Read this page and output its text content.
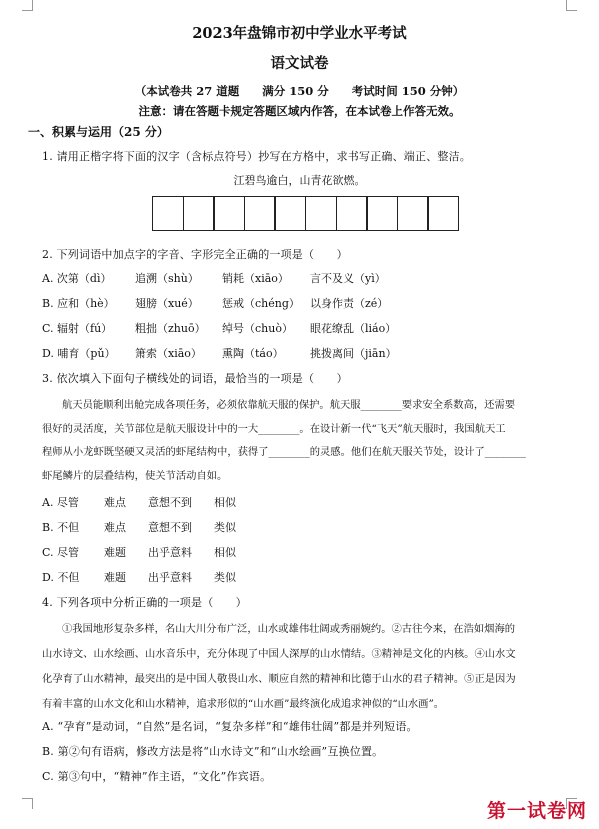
2023年盘锦市初中学业水平考试
语文试卷
（本试卷共 27 道题　　满分 150 分　　考试时间 150 分钟）
注意：请在答题卡规定答题区域内作答，在本试卷上作答无效。
一、积累与运用（25 分）
1. 请用正楷字将下面的汉字（含标点符号）抄写在方格中，求书写正确、端正、整洁。
江碧鸟逾白，山青花欲燃。
2. 下列词语中加点字的字音、字形完全正确的一项是（　　）
A. 次第（dì） 追溯（shù） 销耗（xiāo） 言不及义（yì）
B. 应和（hè） 翅膀（xué） 惩戒（chéng） 以身作责（zé）
C. 辐射（fú） 粗拙（zhuō） 绰号（chuò） 眼花缭乱（liáo）
D. 哺育（pǔ） 箫索（xiāo） 熏陶（táo） 挑拨离间（jiān）
3. 依次填入下面句子横线处的词语，最恰当的一项是（　　）
航天员能顺利出舱完成各项任务，必须依靠航天服的保护。航天服________要求安全系数高，还需要
很好的灵活度，关节部位是航天服设计中的一大________。在设计新一代“飞天”航天服时，我国航天工
程师从小龙虾既坚硬又灵活的虾尾结构中，获得了________的灵感。他们在航天服关节处，设计了________
虾尾鳞片的层叠结构，使关节活动自如。
A. 尽管 难点 意想不到 相似
B. 不但 难点 意想不到 类似
C. 尽管 难题 出乎意料 相似
D. 不但 难题 出乎意料 类似
4. 下列各项中分析正确的一项是（　　）
①我国地形复杂多样，名山大川分布广泛，山水或雄伟壮阔或秀丽婉约。②古往今来，在浩如烟海的
山水诗文、山水绘画、山水音乐中，充分体现了中国人深厚的山水情结。③精神是文化的内核。④山水文
化孕育了山水精神，最突出的是中国人敬畏山水、顺应自然的精神和比德于山水的君子精神。⑤正是因为
有着丰富的山水文化和山水精神，追求形似的“山水画”最终演化成追求神似的“山水画”。
A. “孕育”是动词，“自然”是名词，“复杂多样”和“雄伟壮阔”都是并列短语。
B. 第②句有语病，修改方法是将“山水诗文”和“山水绘画”互换位置。
C. 第③句中，“精神”作主语，“文化”作宾语。
第一试卷网
